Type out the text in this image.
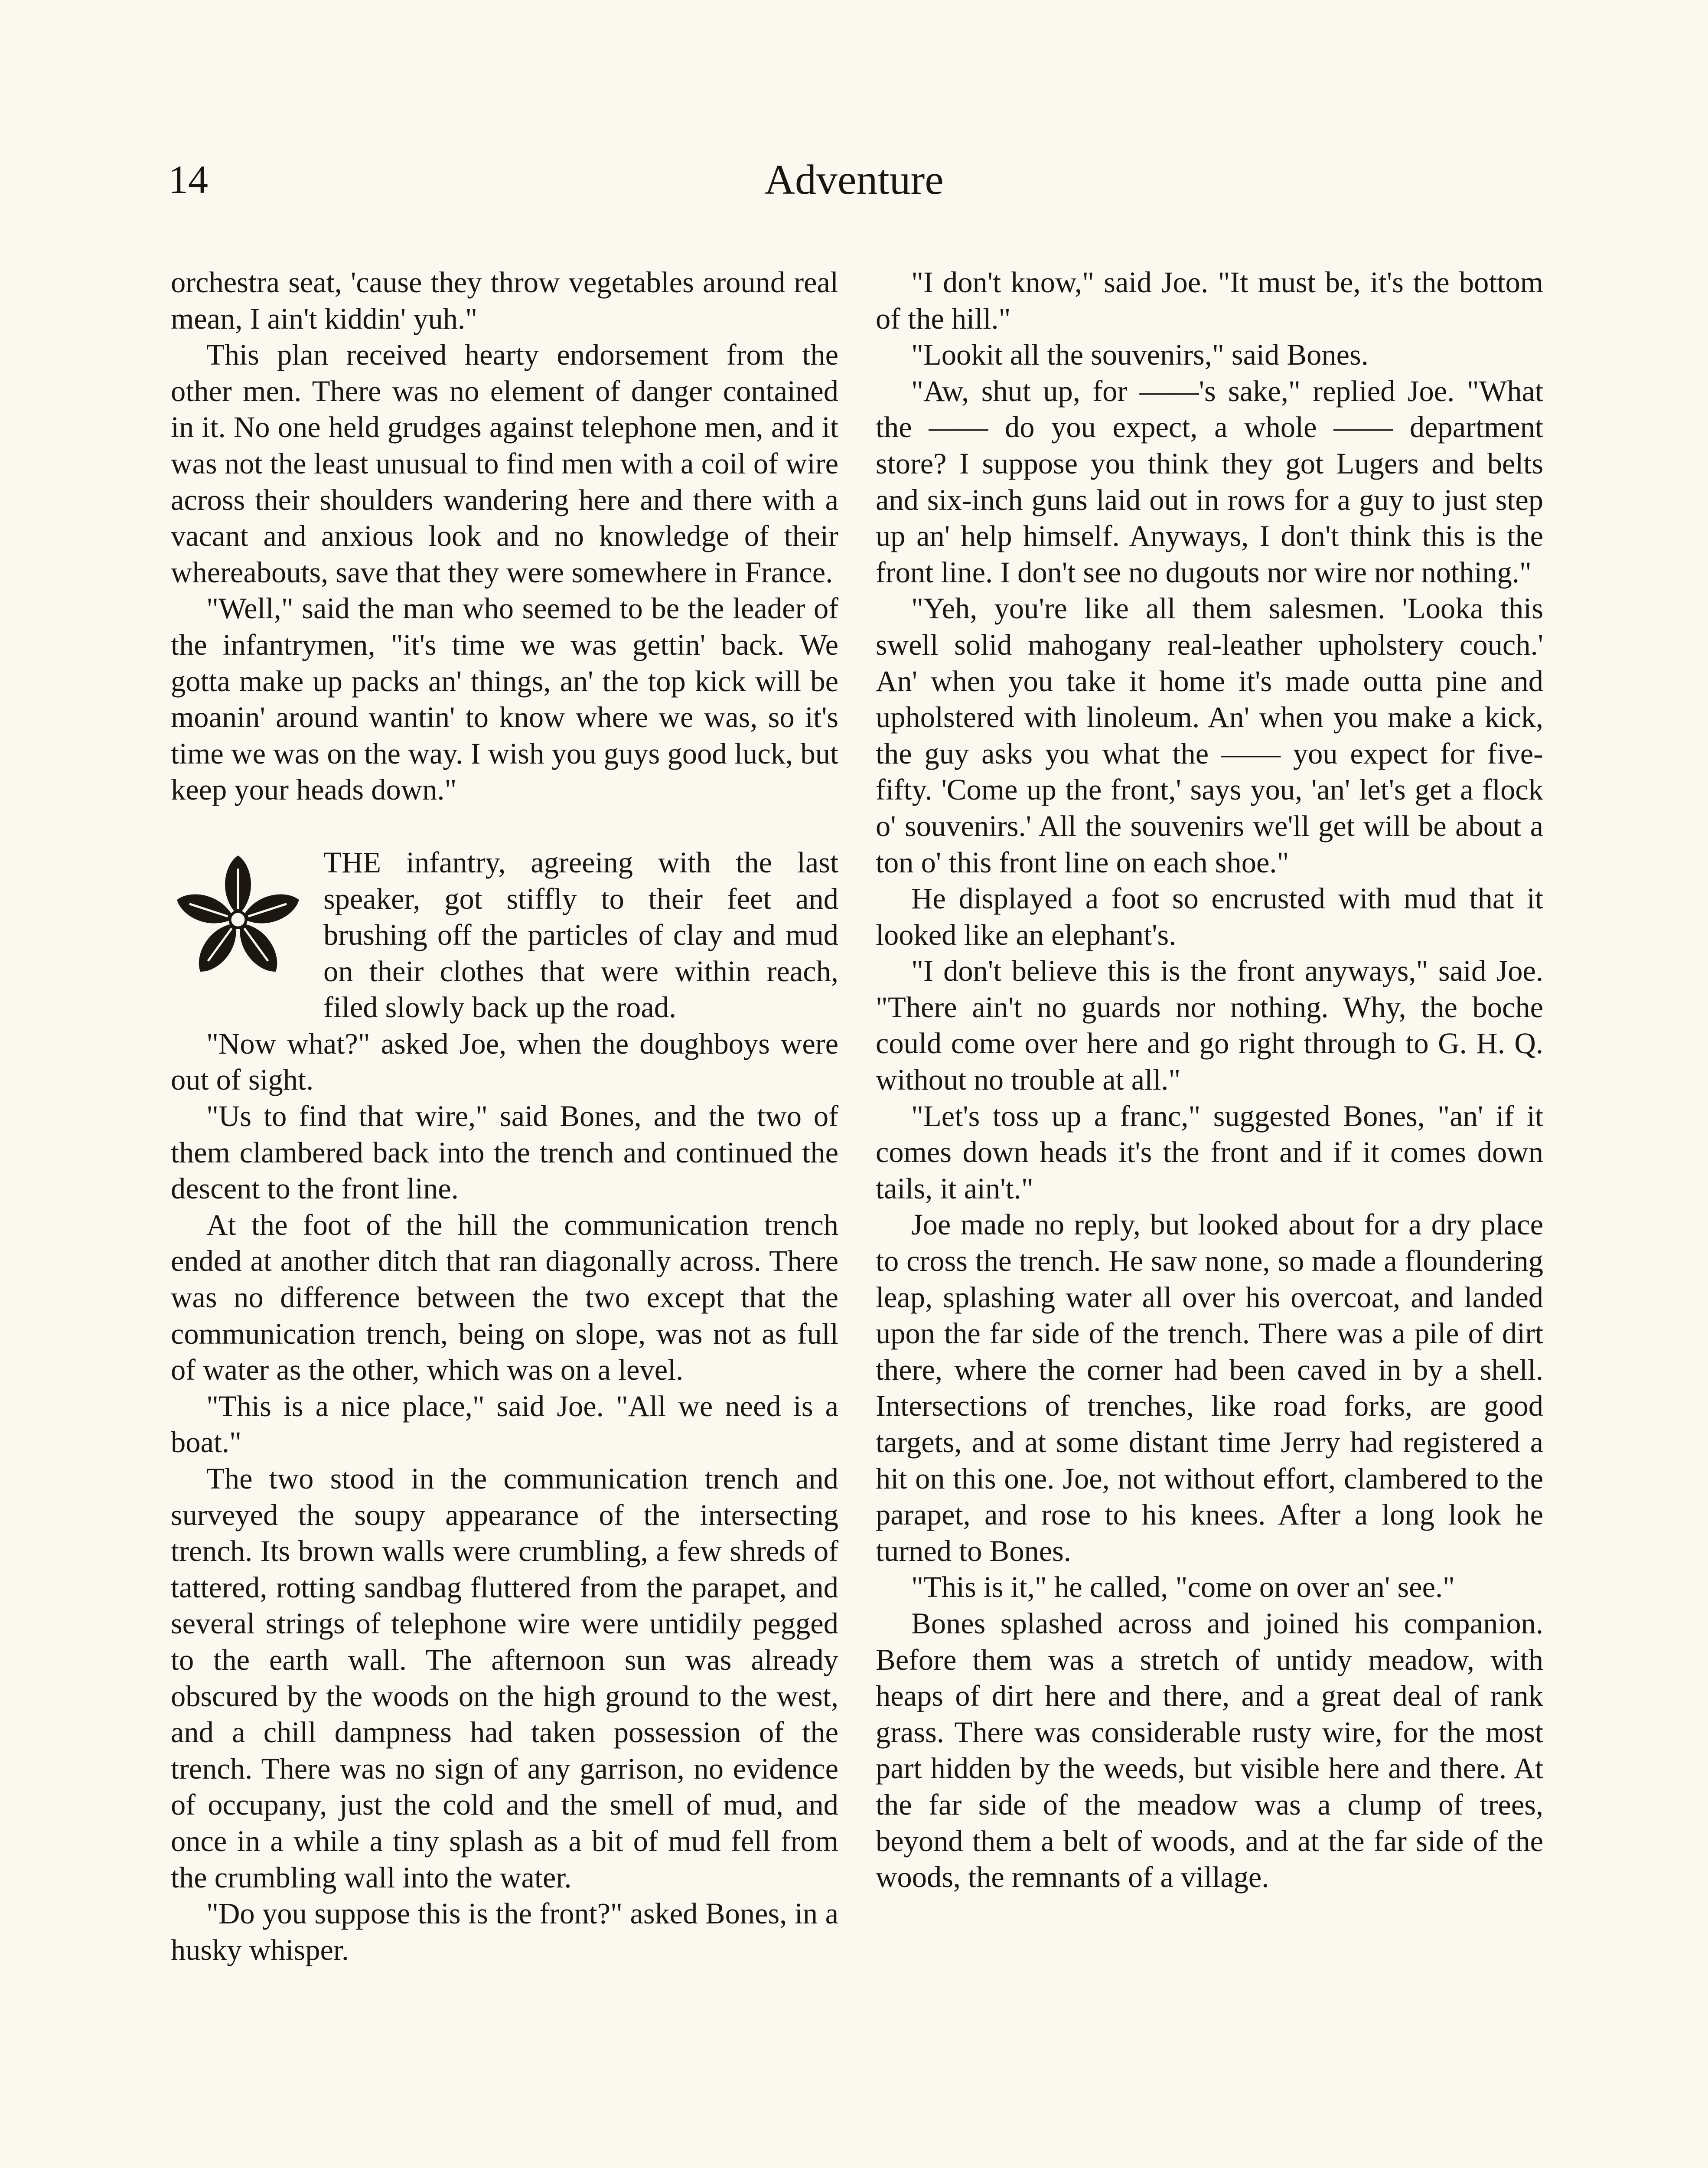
14	Adventure

orchestra seat, 'cause they throw vegetables around real mean, I ain't kiddin' yuh."

This plan received hearty endorsement from the other men. There was no element of danger contained in it. No one held grudges against telephone men, and it was not the least unusual to find men with a coil of wire across their shoulders wandering here and there with a vacant and anxious look and no knowledge of their whereabouts, save that they were somewhere in France.

"Well," said the man who seemed to be the leader of the infantrymen, "it's time we was gettin' back. We gotta make up packs an' things, an' the top kick will be moanin' around wantin' to know where we was, so it's time we was on the way. I wish you guys good luck, but keep your heads down."

THE infantry, agreeing with the last speaker, got stiffly to their feet and brushing off the particles of clay and mud on their clothes that were within reach, filed slowly back up the road.

"Now what?" asked Joe, when the doughboys were out of sight.

"Us to find that wire," said Bones, and the two of them clambered back into the trench and continued the descent to the front line.

At the foot of the hill the communication trench ended at another ditch that ran diagonally across. There was no difference between the two except that the communication trench, being on slope, was not as full of water as the other, which was on a level.

"This is a nice place," said Joe. "All we need is a boat."

The two stood in the communication trench and surveyed the soupy appearance of the intersecting trench. Its brown walls were crumbling, a few shreds of tattered, rotting sandbag fluttered from the parapet, and several strings of telephone wire were untidily pegged to the earth wall. The afternoon sun was already obscured by the woods on the high ground to the west, and a chill dampness had taken possession of the trench. There was no sign of any garrison, no evidence of occupany, just the cold and the smell of mud, and once in a while a tiny splash as a bit of mud fell from the crumbling wall into the water.

"Do you suppose this is the front?" asked Bones, in a husky whisper.

"I don't know," said Joe. "It must be, it's the bottom of the hill."

"Lookit all the souvenirs," said Bones.

"Aw, shut up, for ——'s sake," replied Joe. "What the —— do you expect, a whole —— department store? I suppose you think they got Lugers and belts and six-inch guns laid out in rows for a guy to just step up an' help himself. Anyways, I don't think this is the front line. I don't see no dugouts nor wire nor nothing."

"Yeh, you're like all them salesmen. 'Looka this swell solid mahogany real-leather upholstery couch.' An' when you take it home it's made outta pine and upholstered with linoleum. An' when you make a kick, the guy asks you what the —— you expect for five-fifty. 'Come up the front,' says you, 'an' let's get a flock o' souvenirs.' All the souvenirs we'll get will be about a ton o' this front line on each shoe."

He displayed a foot so encrusted with mud that it looked like an elephant's.

"I don't believe this is the front anyways," said Joe. "There ain't no guards nor nothing. Why, the boche could come over here and go right through to G. H. Q. without no trouble at all."

"Let's toss up a franc," suggested Bones, "an' if it comes down heads it's the front and if it comes down tails, it ain't."

Joe made no reply, but looked about for a dry place to cross the trench. He saw none, so made a floundering leap, splashing water all over his overcoat, and landed upon the far side of the trench. There was a pile of dirt there, where the corner had been caved in by a shell. Intersections of trenches, like road forks, are good targets, and at some distant time Jerry had registered a hit on this one. Joe, not without effort, clambered to the parapet, and rose to his knees. After a long look he turned to Bones.

"This is it," he called, "come on over an' see."

Bones splashed across and joined his companion. Before them was a stretch of untidy meadow, with heaps of dirt here and there, and a great deal of rank grass. There was considerable rusty wire, for the most part hidden by the weeds, but visible here and there. At the far side of the meadow was a clump of trees, beyond them a belt of woods, and at the far side of the woods, the remnants of a village.
